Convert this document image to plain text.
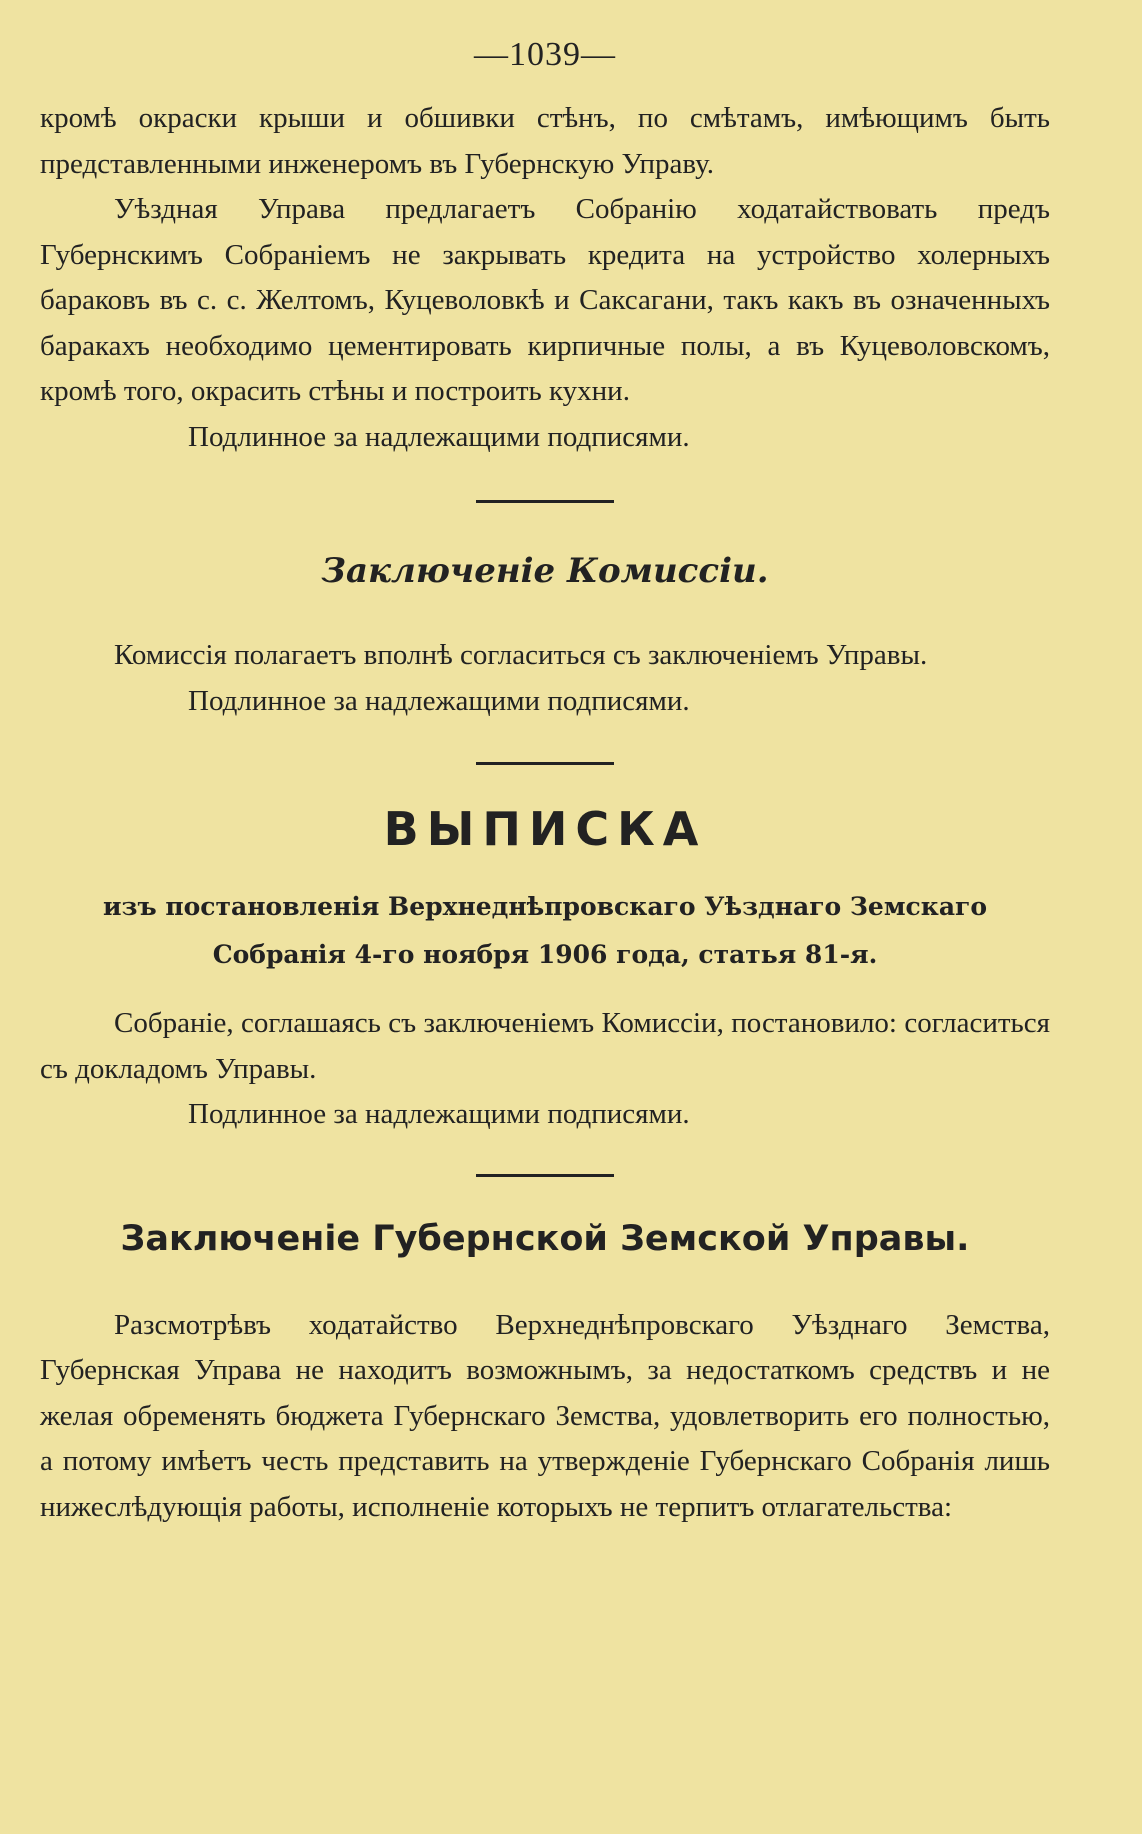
—1039—

кромѣ окраски крыши и обшивки стѣнъ, по смѣтамъ, имѣющимъ быть представленными инженеромъ въ Губернскую Управу.

Уѣздная Управа предлагаетъ Собранію ходатайствовать предъ Губернскимъ Собраніемъ не закрывать кредита на устройство холерныхъ бараковъ въ с. с. Желтомъ, Куцеволовкѣ и Саксагани, такъ какъ въ означенныхъ баракахъ необходимо цементировать кирпичные полы, а въ Куцеволовскомъ, кромѣ того, окрасить стѣны и построить кухни.

Подлинное за надлежащими подписями.

Заключеніе Комиссіи.

Комиссія полагаетъ вполнѣ согласиться съ заключеніемъ Управы.

Подлинное за надлежащими подписями.

ВЫПИСКА

изъ постановленія Верхнеднѣпровскаго Уѣзднаго Земскаго Собранія 4-го ноября 1906 года, статья 81-я.

Собраніе, соглашаясь съ заключеніемъ Комиссіи, постановило: согласиться съ докладомъ Управы.

Подлинное за надлежащими подписями.

Заключеніе Губернской Земской Управы.

Разсмотрѣвъ ходатайство Верхнеднѣпровскаго Уѣзднаго Земства, Губернская Управа не находитъ возможнымъ, за недостаткомъ средствъ и не желая обременять бюджета Губернскаго Земства, удовлетворить его полностью, а потому имѣетъ честь представить на утвержденіе Губернскаго Собранія лишь нижеслѣдующія работы, исполненіе которыхъ не терпитъ отлагательства:
